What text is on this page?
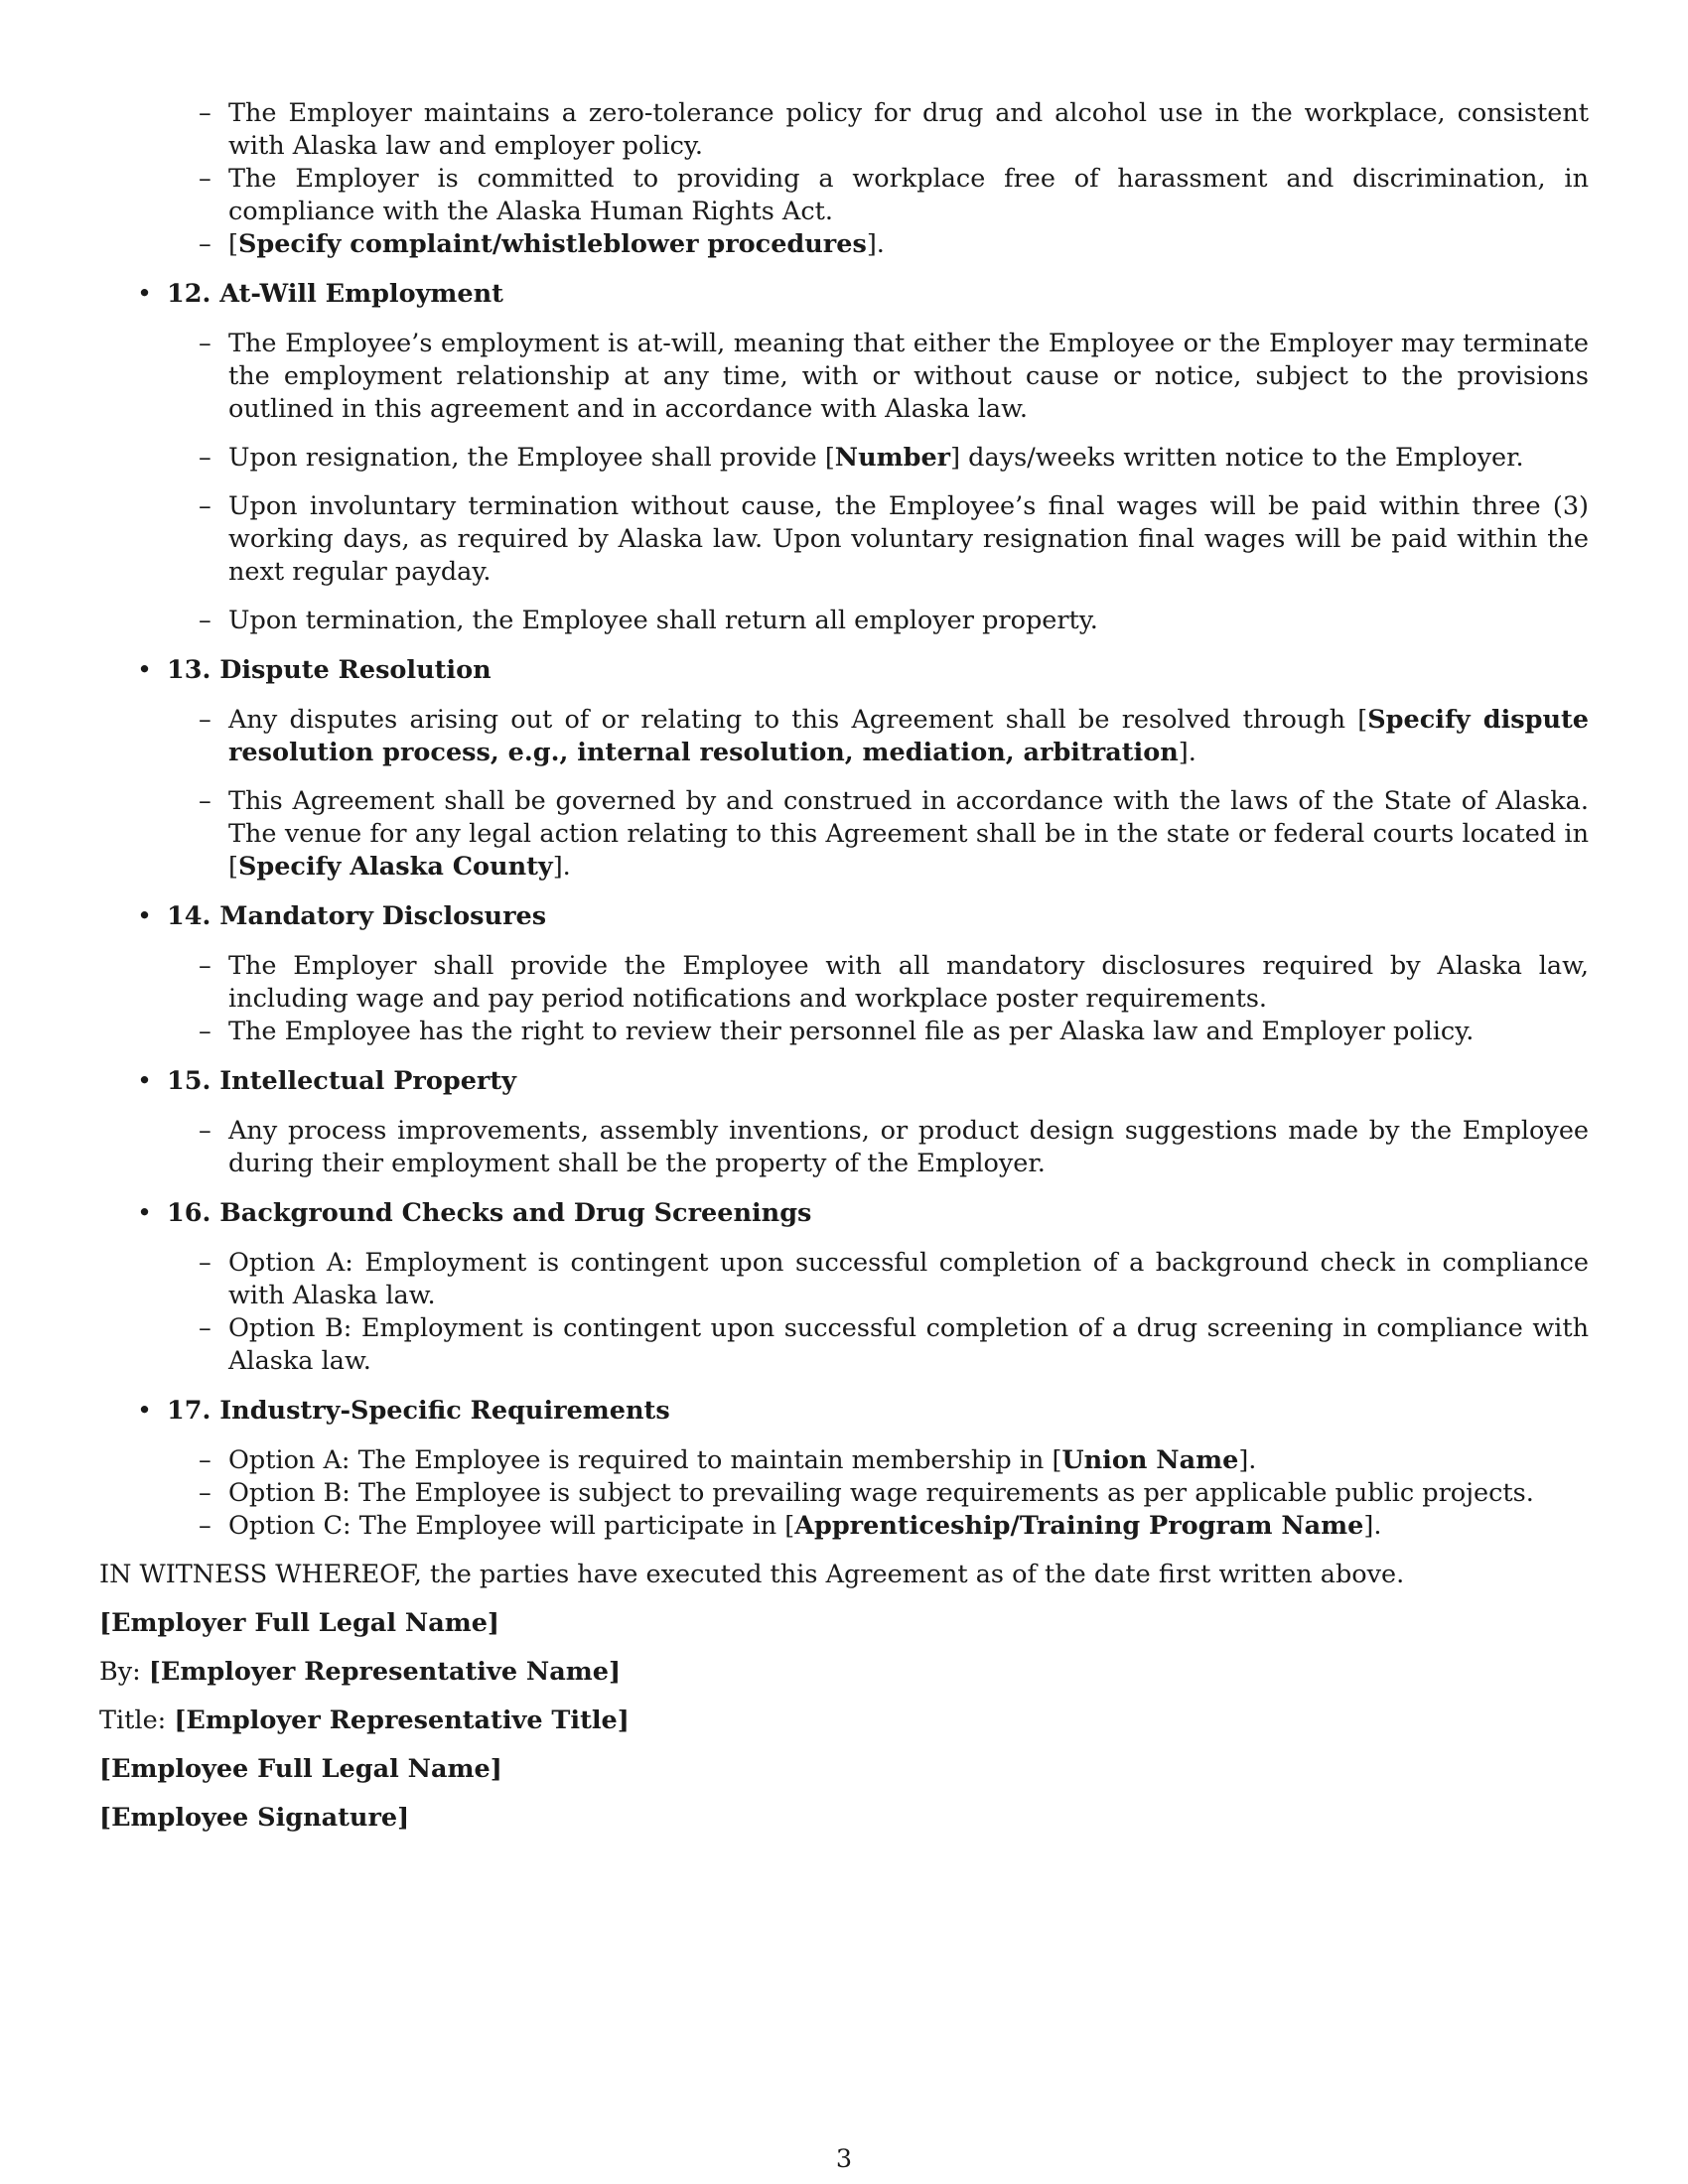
– The Employer maintains a zero-tolerance policy for drug and alcohol use in the workplace, consistent with Alaska law and employer policy.
– The Employer is committed to providing a workplace free of harassment and discrimination, in compliance with the Alaska Human Rights Act.
– [Specify complaint/whistleblower procedures].
• 12. At-Will Employment
– The Employee’s employment is at-will, meaning that either the Employee or the Employer may terminate the employment relationship at any time, with or without cause or notice, subject to the provisions outlined in this agreement and in accordance with Alaska law.
– Upon resignation, the Employee shall provide [Number] days/weeks written notice to the Employer.
– Upon involuntary termination without cause, the Employee’s final wages will be paid within three (3) working days, as required by Alaska law. Upon voluntary resignation final wages will be paid within the next regular payday.
– Upon termination, the Employee shall return all employer property.
• 13. Dispute Resolution
– Any disputes arising out of or relating to this Agreement shall be resolved through [Specify dispute resolution process, e.g., internal resolution, mediation, arbitration].
– This Agreement shall be governed by and construed in accordance with the laws of the State of Alaska. The venue for any legal action relating to this Agreement shall be in the state or federal courts located in [Specify Alaska County].
• 14. Mandatory Disclosures
– The Employer shall provide the Employee with all mandatory disclosures required by Alaska law, including wage and pay period notifications and workplace poster requirements.
– The Employee has the right to review their personnel file as per Alaska law and Employer policy.
• 15. Intellectual Property
– Any process improvements, assembly inventions, or product design suggestions made by the Employee during their employment shall be the property of the Employer.
• 16. Background Checks and Drug Screenings
– Option A: Employment is contingent upon successful completion of a background check in compliance with Alaska law.
– Option B: Employment is contingent upon successful completion of a drug screening in compliance with Alaska law.
• 17. Industry-Specific Requirements
– Option A: The Employee is required to maintain membership in [Union Name].
– Option B: The Employee is subject to prevailing wage requirements as per applicable public projects.
– Option C: The Employee will participate in [Apprenticeship/Training Program Name].
IN WITNESS WHEREOF, the parties have executed this Agreement as of the date first written above.
[Employer Full Legal Name]
By: [Employer Representative Name]
Title: [Employer Representative Title]
[Employee Full Legal Name]
[Employee Signature]
3
